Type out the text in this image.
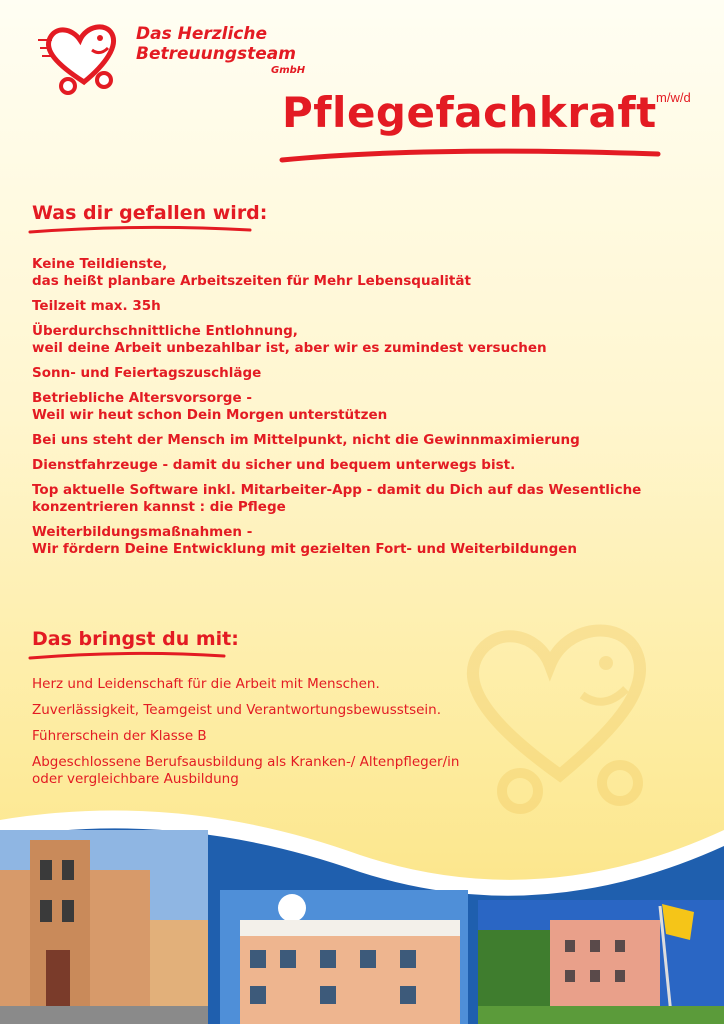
Das Herzliche
Betreuungsteam
GmbH
Pflegefachkraft m/w/d
Was dir gefallen wird:
Keine Teildienste,
das heißt planbare Arbeitszeiten für Mehr Lebensqualität
Teilzeit max. 35h
Überdurchschnittliche Entlohnung,
weil deine Arbeit unbezahlbar ist, aber wir es zumindest versuchen
Sonn- und Feiertagszuschläge
Betriebliche Altersvorsorge -
Weil wir heut schon Dein Morgen unterstützen
Bei uns steht der Mensch im Mittelpunkt, nicht die Gewinnmaximierung
Dienstfahrzeuge - damit du sicher und bequem unterwegs bist.
Top aktuelle Software inkl. Mitarbeiter-App - damit du Dich auf das Wesentliche
konzentrieren kannst : die Pflege
Weiterbildungsmaßnahmen -
Wir fördern Deine Entwicklung mit gezielten Fort- und Weiterbildungen
Das bringst du mit:
Herz und Leidenschaft für die Arbeit mit Menschen.
Zuverlässigkeit, Teamgeist und Verantwortungsbewusstsein.
Führerschein der Klasse B
Abgeschlossene Berufsausbildung als Kranken-/ Altenpfleger/in
oder vergleichbare Ausbildung
